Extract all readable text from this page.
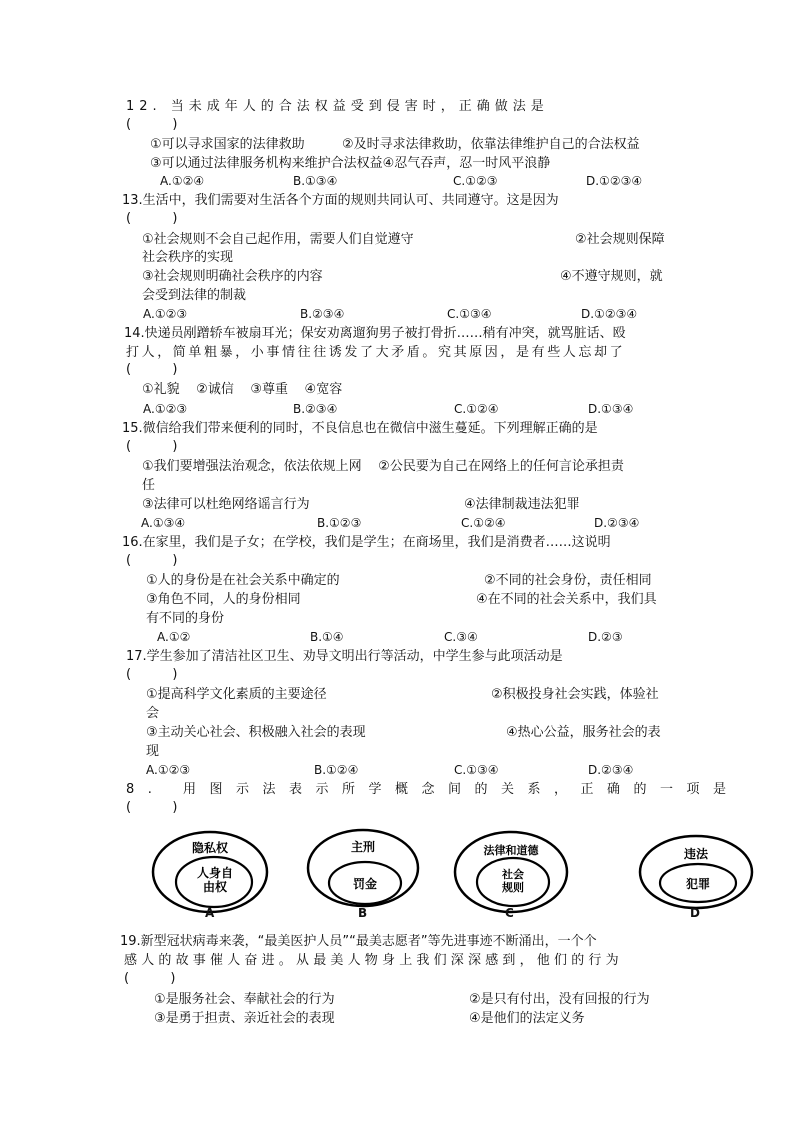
12. 当未成年人的合法权益受到侵害时，正确做法是
(          )
①可以寻求国家的法律救助	②及时寻求法律救助，依靠法律维护自己的合法权益
③可以通过法律服务机构来维护合法权益④忍气吞声，忍一时风平浪静
A.①②④	B.①③④	C.①②③	D.①②③④
13.生活中，我们需要对生活各个方面的规则共同认可、共同遵守。这是因为
(          )
①社会规则不会自己起作用，需要人们自觉遵守	②社会规则保障
社会秩序的实现
③社会规则明确社会秩序的内容	④不遵守规则，就
会受到法律的制裁
A.①②③	B.②③④	C.①③④	D.①②③④
14.快递员剐蹭轿车被扇耳光；保安劝离遛狗男子被打骨折……稍有冲突，就骂脏话、殴
打人，简单粗暴，小事情往往诱发了大矛盾。究其原因，是有些人忘却了
(          )
①礼貌    ②诚信    ③尊重    ④宽容
A.①②③	B.②③④	C.①②④	D.①③④
15.微信给我们带来便利的同时，不良信息也在微信中滋生蔓延。下列理解正确的是
(          )
①我们要增强法治观念，依法依规上网    ②公民要为自己在网络上的任何言论承担责
任
③法律可以杜绝网络谣言行为	④法律制裁违法犯罪
A.①③④	B.①②③	C.①②④	D.②③④
16.在家里，我们是子女；在学校，我们是学生；在商场里，我们是消费者……这说明
(          )
①人的身份是在社会关系中确定的	②不同的社会身份，责任相同
③角色不同，人的身份相同	④在不同的社会关系中，我们具
有不同的身份
A.①②	B.①④	C.③④	D.②③
17.学生参加了清洁社区卫生、劝导文明出行等活动，中学生参与此项活动是
(          )
①提高科学文化素质的主要途径	②积极投身社会实践，体验社
会
③主动关心社会、积极融入社会的表现	④热心公益，服务社会的表
现
A.①②③	B.①②④	C.①③④	D.②③④
8. 用图示法表示所学概念间的关系，正确的一项是
(          )
隐私权
人身自
由权
主刑
罚金
法律和道德
社会
规则
违法
犯罪
A	B	C	D
19.新型冠状病毒来袭，“最美医护人员”“最美志愿者”等先进事迹不断涌出，一个个
感人的故事催人奋进。从最美人物身上我们深深感到，他们的行为
(          )
①是服务社会、奉献社会的行为	②是只有付出，没有回报的行为
③是勇于担责、亲近社会的表现	④是他们的法定义务
